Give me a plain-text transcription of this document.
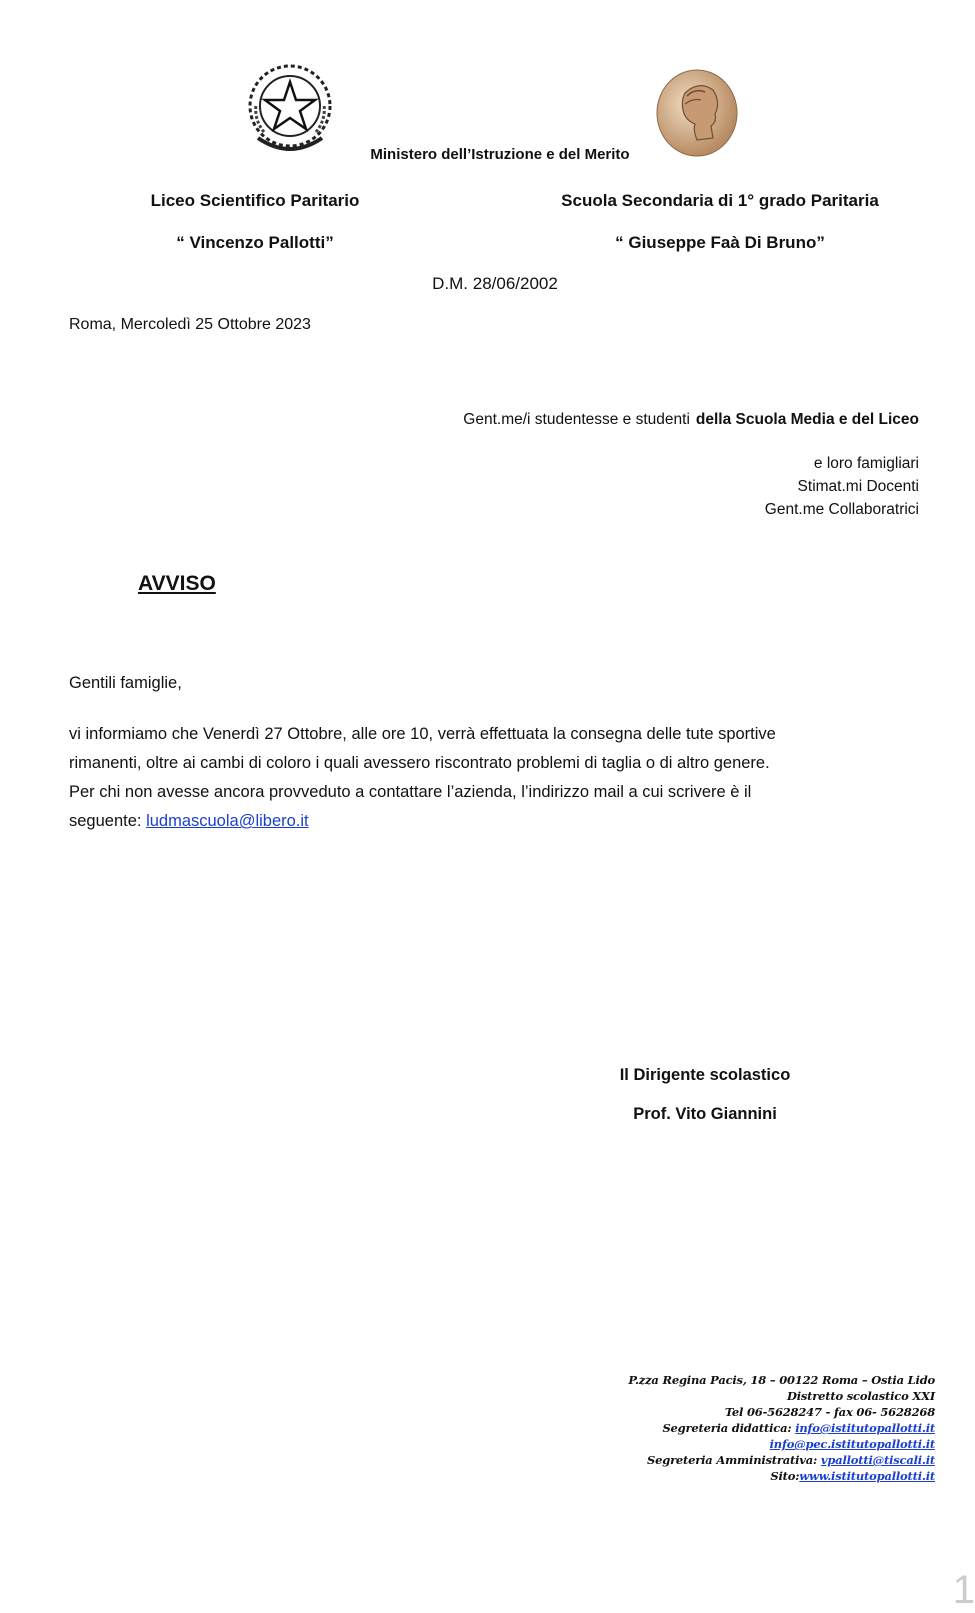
Ministero dell’Istruzione e del Merito
Liceo Scientifico Paritario
“ Vincenzo Pallotti”
Scuola Secondaria di 1° grado Paritaria
“ Giuseppe Faà Di Bruno”
D.M. 28/06/2002
Roma, Mercoledì 25 Ottobre 2023
Gent.me/i studentesse e studenti della Scuola Media e del Liceo
e loro famigliari
Stimat.mi Docenti
Gent.me Collaboratrici
AVVISO
Gentili famiglie,
vi informiamo che Venerdì 27 Ottobre, alle ore 10, verrà effettuata la consegna delle tute sportive
rimanenti, oltre ai cambi di coloro i quali avessero riscontrato problemi di taglia o di altro genere.
Per chi non avesse ancora provveduto a contattare l’azienda, l’indirizzo mail a cui scrivere è il
seguente: ludmascuola@libero.it
Il Dirigente scolastico
Prof. Vito Giannini
P.zza Regina Pacis, 18 – 00122 Roma – Ostia Lido
Distretto scolastico XXI
Tel 06-5628247 - fax 06- 5628268
Segreteria didattica: info@istitutopallotti.it
info@pec.istitutopallotti.it
Segreteria Amministrativa: vpallotti@tiscali.it
Sito:www.istitutopallotti.it
1
